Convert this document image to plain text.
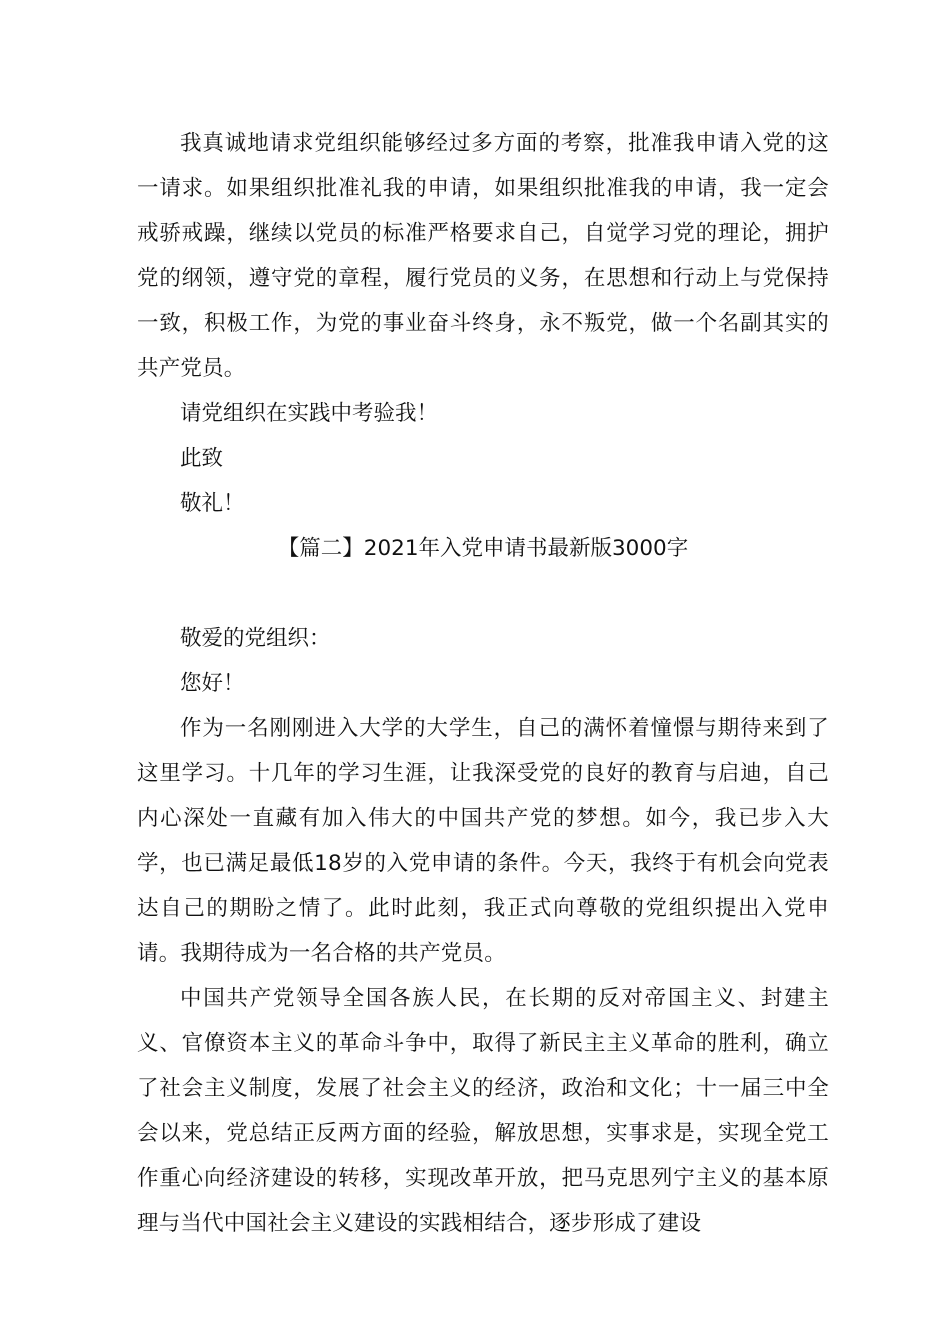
我真诚地请求党组织能够经过多方面的考察，批准我申请入党的这一请求。如果组织批准礼我的申请，如果组织批准我的申请，我一定会戒骄戒躁，继续以党员的标准严格要求自己，自觉学习党的理论，拥护党的纲领，遵守党的章程，履行党员的义务，在思想和行动上与党保持一致，积极工作，为党的事业奋斗终身，永不叛党，做一个名副其实的共产党员。

请党组织在实践中考验我！

此致

敬礼！

【篇二】2021年入党申请书最新版3000字

敬爱的党组织：

您好！

作为一名刚刚进入大学的大学生，自己的满怀着憧憬与期待来到了这里学习。十几年的学习生涯，让我深受党的良好的教育与启迪，自己内心深处一直藏有加入伟大的中国共产党的梦想。如今，我已步入大学，也已满足最低18岁的入党申请的条件。今天，我终于有机会向党表达自己的期盼之情了。此时此刻，我正式向尊敬的党组织提出入党申请。我期待成为一名合格的共产党员。

中国共产党领导全国各族人民，在长期的反对帝国主义、封建主义、官僚资本主义的革命斗争中，取得了新民主主义革命的胜利，确立了社会主义制度，发展了社会主义的经济，政治和文化；十一届三中全会以来，党总结正反两方面的经验，解放思想，实事求是，实现全党工作重心向经济建设的转移，实现改革开放，把马克思列宁主义的基本原理与当代中国社会主义建设的实践相结合，逐步形成了建设
